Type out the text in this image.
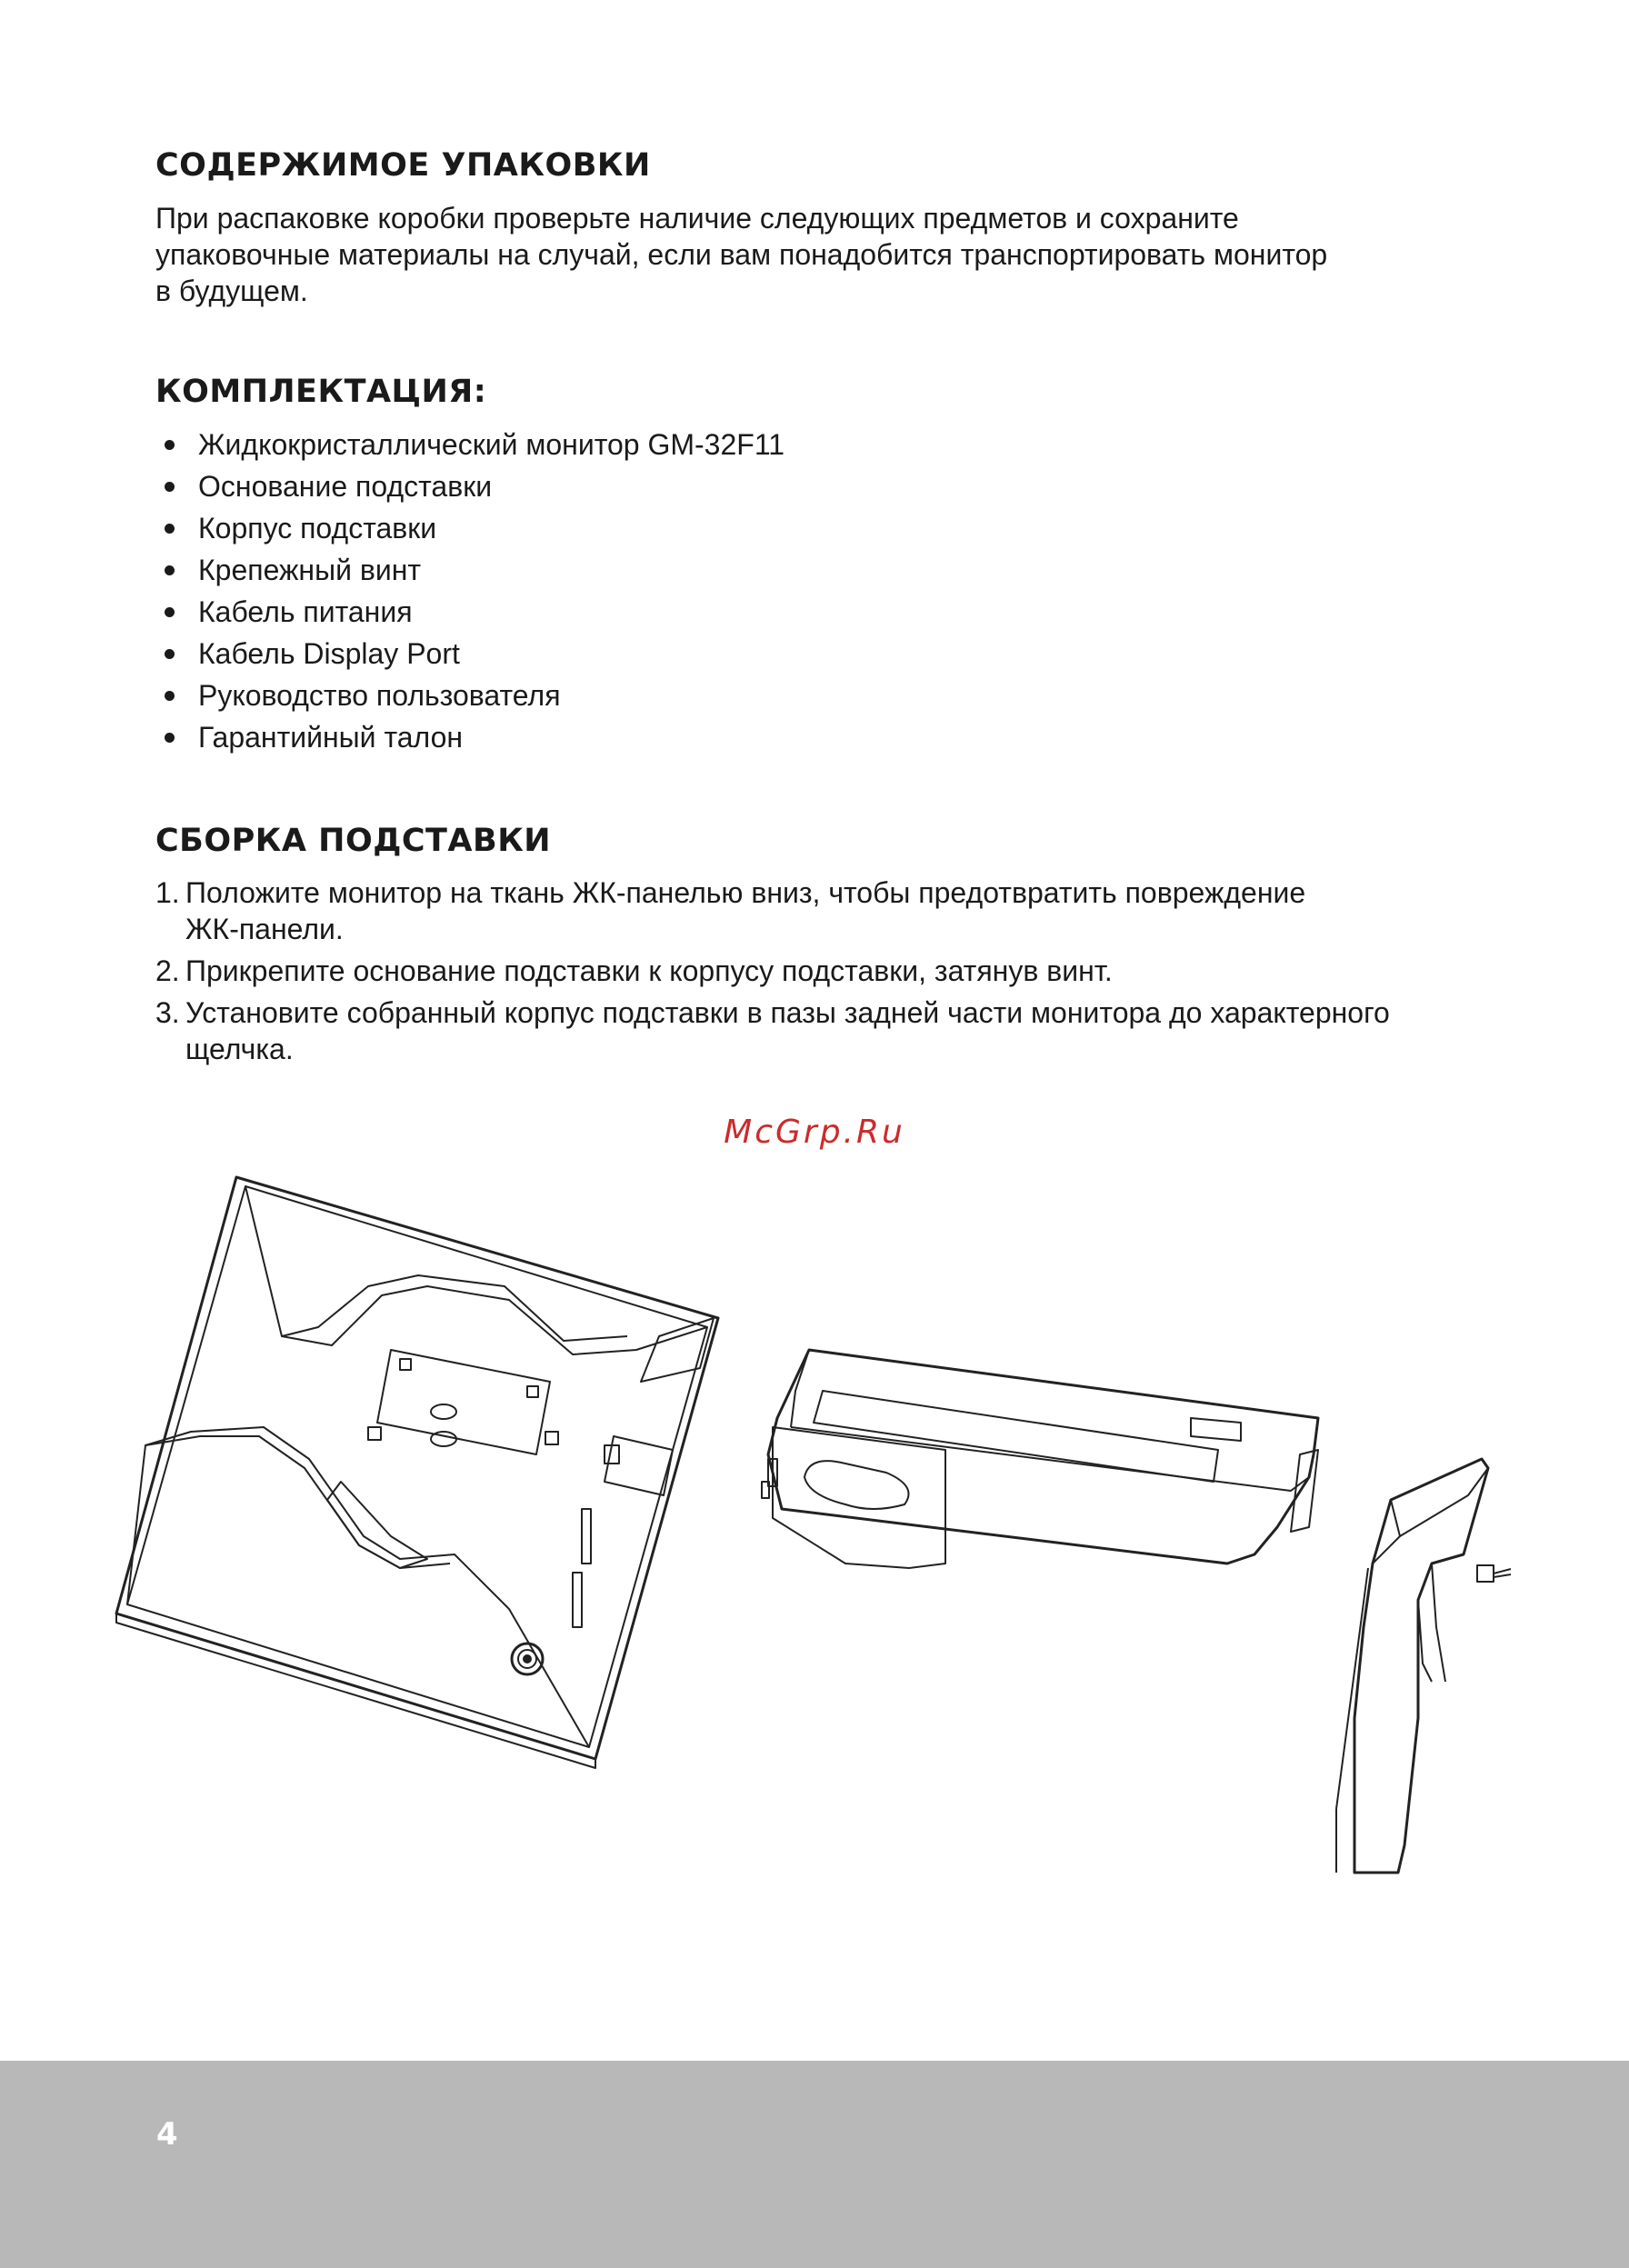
СОДЕРЖИМОЕ УПАКОВКИ

При распаковке коробки проверьте наличие следующих предметов и сохраните
упаковочные материалы на случай, если вам понадобится транспортировать монитор
в будущем.

КОМПЛЕКТАЦИЯ:
Жидкокристаллический монитор GM-32F11
Основание подставки
Корпус подставки
Крепежный винт
Кабель питания
Кабель Display Port
Руководство пользователя
Гарантийный талон
СБОРКА ПОДСТАВКИ
1. Положите монитор на ткань ЖК-панелью вниз, чтобы предотвратить повреждение
ЖК-панели.
2. Прикрепите основание подставки к корпусу подставки, затянув винт.
3. Установите собранный корпус подставки в пазы задней части монитора до характерного
щелчка.
McGrp.Ru
4
